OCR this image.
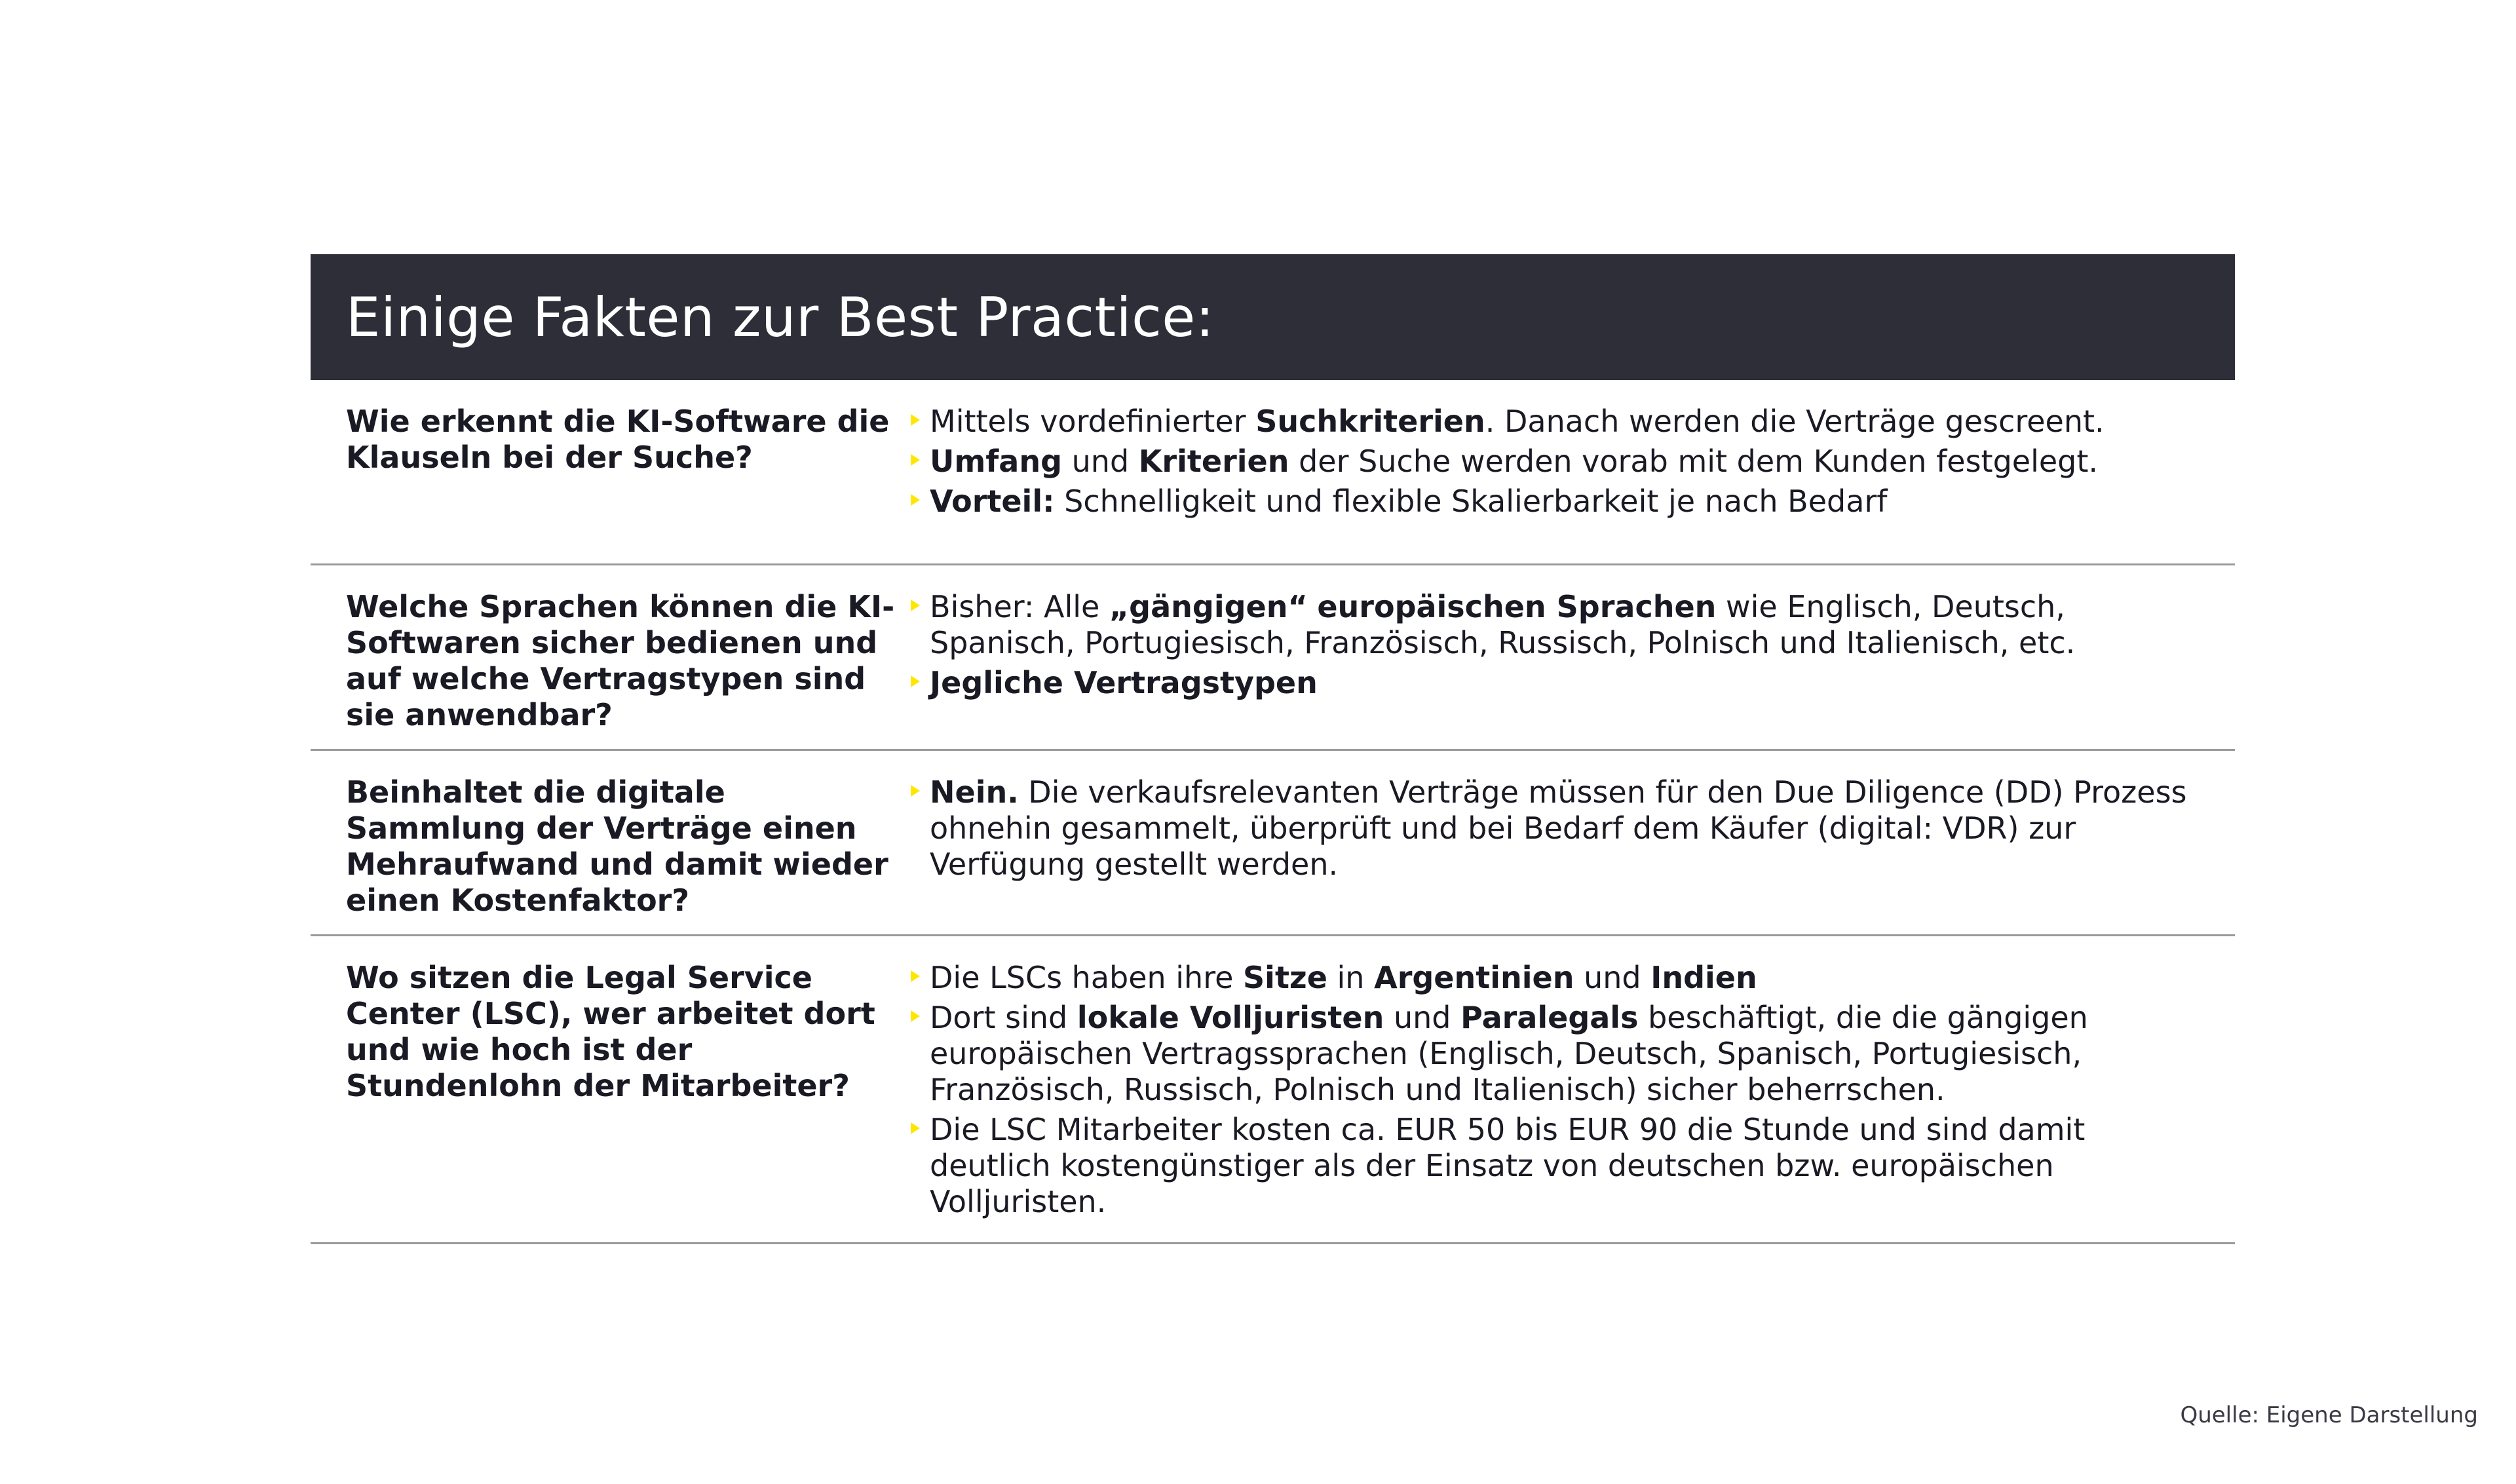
Einige Fakten zur Best Practice:
Wie erkennt die KI-Software die Klauseln bei der Suche?
Mittels vordefinierter Suchkriterien. Danach werden die Verträge gescreent.
Umfang und Kriterien der Suche werden vorab mit dem Kunden festgelegt.
Vorteil: Schnelligkeit und flexible Skalierbarkeit je nach Bedarf
Welche Sprachen können die KI-Softwaren sicher bedienen und auf welche Vertragstypen sind sie anwendbar?
Bisher: Alle „gängigen“ europäischen Sprachen wie Englisch, Deutsch, Spanisch, Portugiesisch, Französisch, Russisch, Polnisch und Italienisch, etc.
Jegliche Vertragstypen
Beinhaltet die digitale Sammlung der Verträge einen Mehraufwand und damit wieder einen Kostenfaktor?
Nein. Die verkaufsrelevanten Verträge müssen für den Due Diligence (DD) Prozess ohnehin gesammelt, überprüft und bei Bedarf dem Käufer (digital: VDR) zur Verfügung gestellt werden.
Wo sitzen die Legal Service Center (LSC), wer arbeitet dort und wie hoch ist der Stundenlohn der Mitarbeiter?
Die LSCs haben ihre Sitze in Argentinien und Indien
Dort sind lokale Volljuristen und Paralegals beschäftigt, die die gängigen europäischen Vertragssprachen (Englisch, Deutsch, Spanisch, Portugiesisch, Französisch, Russisch, Polnisch und Italienisch) sicher beherrschen.
Die LSC Mitarbeiter kosten ca. EUR 50 bis EUR 90 die Stunde und sind damit deutlich kostengünstiger als der Einsatz von deutschen bzw. europäischen Volljuristen.
Quelle: Eigene Darstellung
